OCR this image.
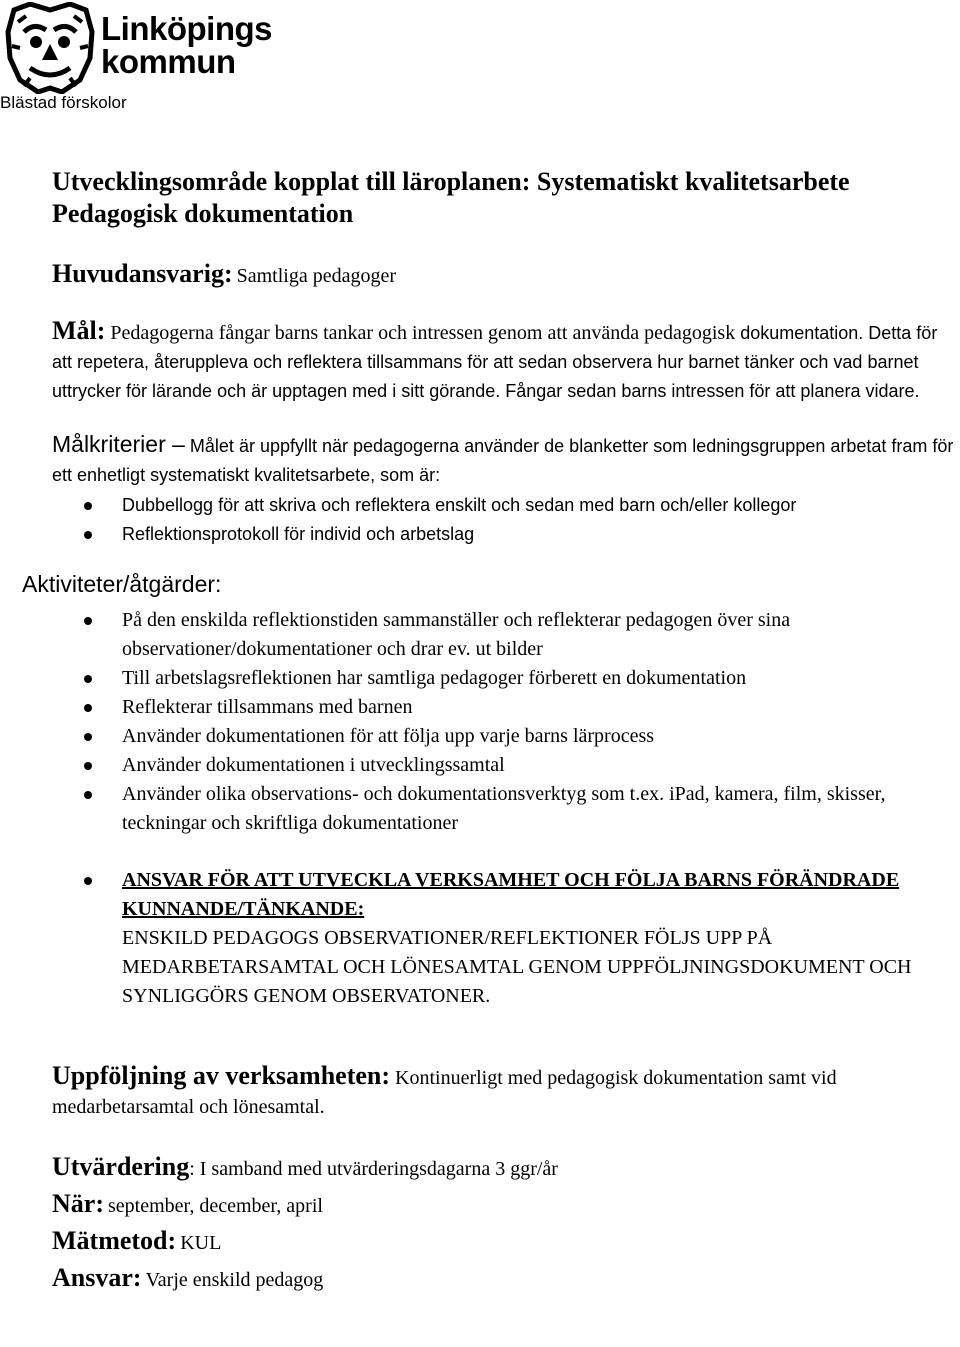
Linköpings
kommun
Blästad förskolor
Utvecklingsområde kopplat till läroplanen: Systematiskt kvalitetsarbete
Pedagogisk dokumentation

Huvudansvarig: Samtliga pedagoger

Mål: Pedagogerna fångar barns tankar och intressen genom att använda pedagogisk dokumentation. Detta för att repetera, återuppleva och reflektera tillsammans för att sedan observera hur barnet tänker och vad barnet uttrycker för lärande och är upptagen med i sitt görande. Fångar sedan barns intressen för att planera vidare.

Målkriterier – Målet är uppfyllt när pedagogerna använder de blanketter som ledningsgruppen arbetat fram för ett enhetligt systematiskt kvalitetsarbete, som är:

Dubbellogg för att skriva och reflektera enskilt och sedan med barn och/eller kollegor
Reflektionsprotokoll för individ och arbetslag

Aktiviteter/åtgärder:

På den enskilda reflektionstiden sammanställer och reflekterar pedagogen över sina observationer/dokumentationer och drar ev. ut bilder
Till arbetslagsreflektionen har samtliga pedagoger förberett en dokumentation
Reflekterar tillsammans med barnen
Använder dokumentationen för att följa upp varje barns lärprocess
Använder dokumentationen i utvecklingssamtal
Använder olika observations- och dokumentationsverktyg som t.ex. iPad, kamera, film, skisser, teckningar och skriftliga dokumentationer
ANSVAR FÖR ATT UTVECKLA VERKSAMHET OCH FÖLJA BARNS FÖRÄNDRADE KUNNANDE/TÄNKANDE:
ENSKILD PEDAGOGS OBSERVATIONER/REFLEKTIONER FÖLJS UPP PÅ MEDARBETARSAMTAL OCH LÖNESAMTAL GENOM UPPFÖLJNINGSDOKUMENT OCH SYNLIGGÖRS GENOM OBSERVATONER.

Uppföljning av verksamheten: Kontinuerligt med pedagogisk dokumentation samt vid medarbetarsamtal och lönesamtal.

Utvärdering: I samband med utvärderingsdagarna 3 ggr/år

När: september, december, april

Mätmetod: KUL

Ansvar: Varje enskild pedagog
